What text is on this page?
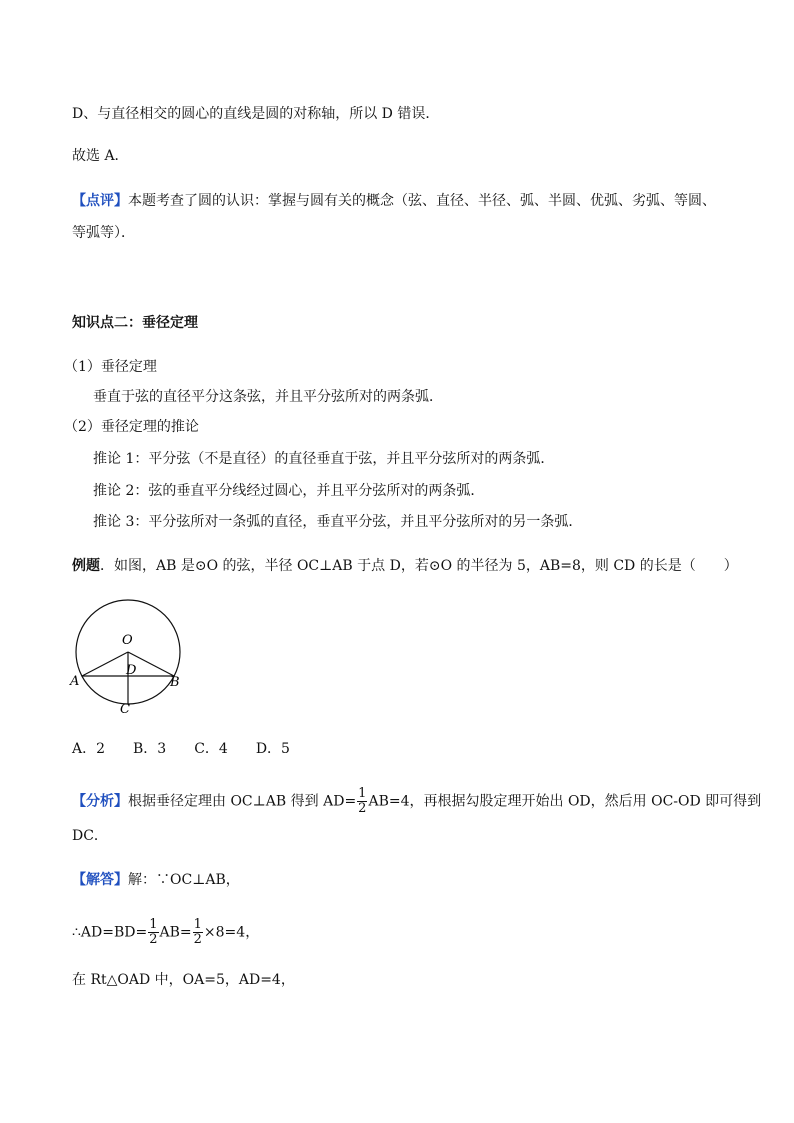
D、与直径相交的圆心的直线是圆的对称轴，所以 D 错误．
故选 A．
【点评】本题考查了圆的认识：掌握与圆有关的概念（弦、直径、半径、弧、半圆、优弧、劣弧、等圆、
等弧等）．
知识点二：垂径定理
（1）垂径定理
垂直于弦的直径平分这条弦，并且平分弦所对的两条弧．
（2）垂径定理的推论
推论 1：平分弦（不是直径）的直径垂直于弦，并且平分弦所对的两条弧．
推论 2：弦的垂直平分线经过圆心，并且平分弦所对的两条弧．
推论 3：平分弦所对一条弧的直径，垂直平分弦，并且平分弦所对的另一条弧．
例题．如图，AB 是⊙O 的弦，半径 OC⊥AB 于点 D，若⊙O 的半径为 5，AB=8，则 CD 的长是（　　）
O
D
A	B
C
A．2　　B．3　　C．4　　D．5
【分析】根据垂径定理由 OC⊥AB 得到 $AD= \frac{1}{2} AB=4$，再根据勾股定理开始出 OD，然后用 OC-OD 即可得到
DC．
【解答】解：∵OC⊥AB，
∴AD=BD= $\frac{1}{2} AB= \frac{1}{2} \times 8=4$，
在 Rt△OAD 中，OA=5，AD=4，
